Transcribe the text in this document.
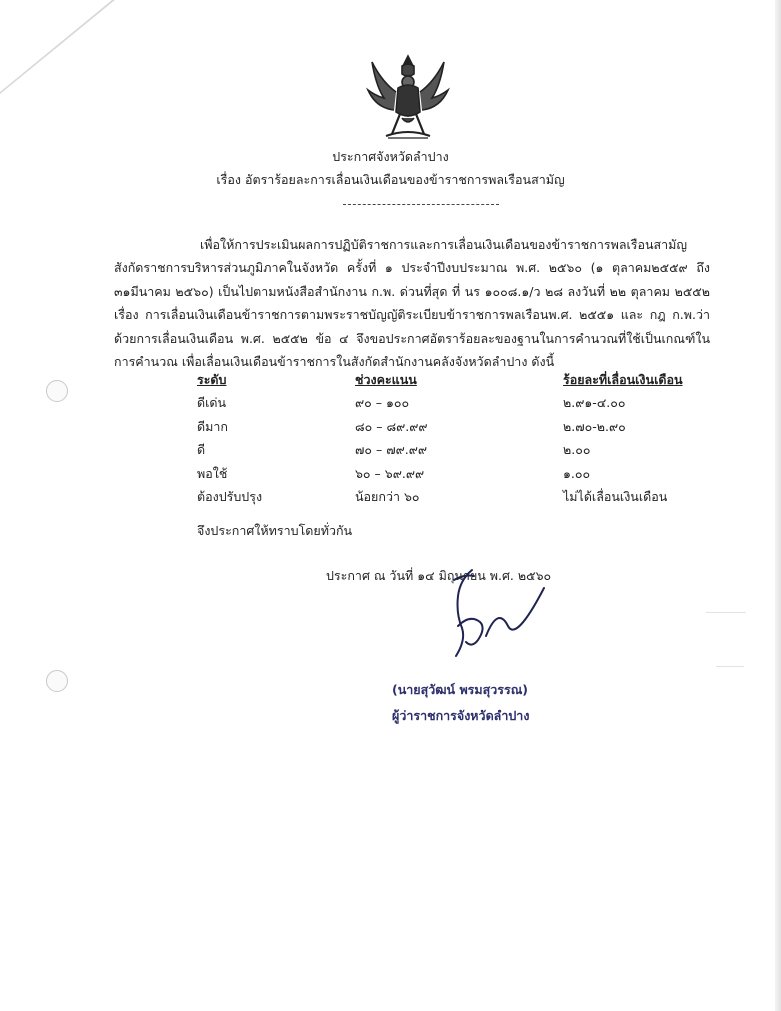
ประกาศจังหวัดลำปาง
เรื่อง อัตราร้อยละการเลื่อนเงินเดือนของข้าราชการพลเรือนสามัญ

เพื่อให้การประเมินผลการปฏิบัติราชการและการเลื่อนเงินเดือนของข้าราชการพลเรือนสามัญ สังกัดราชการบริหารส่วนภูมิภาคในจังหวัด ครั้งที่ ๑ ประจำปีงบประมาณ พ.ศ. ๒๕๖๐ (๑ ตุลาคม๒๕๕๙ ถึง ๓๑มีนาคม ๒๕๖๐) เป็นไปตามหนังสือสำนักงาน ก.พ. ด่วนที่สุด ที่ นร ๑๐๐๘.๑/ว ๒๘ ลงวันที่ ๒๒ ตุลาคม ๒๕๕๒ เรื่อง การเลื่อนเงินเดือนข้าราชการตามพระราชบัญญัติระเบียบข้าราชการพลเรือนพ.ศ. ๒๕๕๑ และ กฎ ก.พ.ว่าด้วยการเลื่อนเงินเดือน พ.ศ. ๒๕๕๒ ข้อ ๔ จึงขอประกาศอัตราร้อยละของฐานในการคำนวณที่ใช้เป็นเกณฑ์ในการคำนวณ เพื่อเลื่อนเงินเดือนข้าราชการในสังกัดสำนักงานคลังจังหวัดลำปาง ดังนี้

ระดับ	ช่วงคะแนน	ร้อยละที่เลื่อนเงินเดือน
ดีเด่น	๙๐ – ๑๐๐	๒.๙๑-๔.๐๐
ดีมาก	๘๐ – ๘๙.๙๙	๒.๗๐-๒.๙๐
ดี	๗๐ – ๗๙.๙๙	๒.๐๐
พอใช้	๖๐ – ๖๙.๙๙	๑.๐๐
ต้องปรับปรุง	น้อยกว่า ๖๐	ไม่ได้เลื่อนเงินเดือน
จึงประกาศให้ทราบโดยทั่วกัน
ประกาศ ณ วันที่ ๑๔ มิถุนายน พ.ศ. ๒๕๖๐
(นายสุวัฒน์ พรมสุวรรณ)
ผู้ว่าราชการจังหวัดลำปาง
